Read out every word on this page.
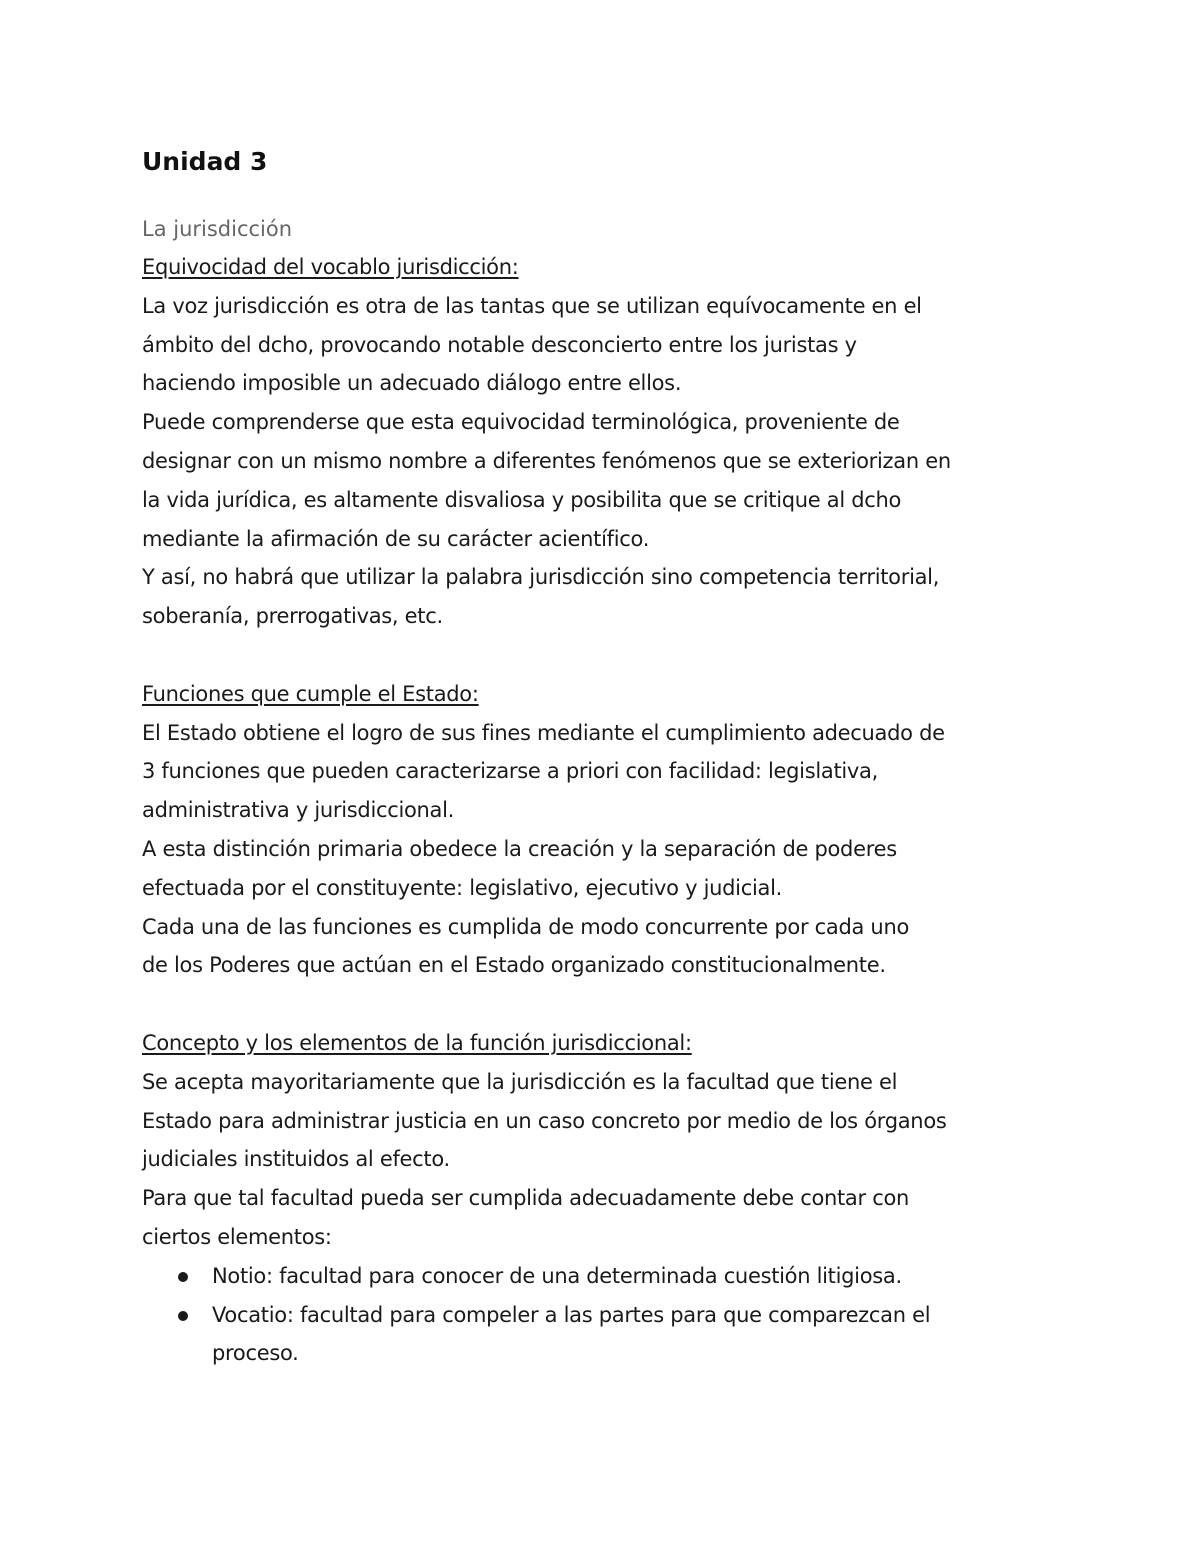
Unidad 3
La jurisdicción
Equivocidad del vocablo jurisdicción:
La voz jurisdicción es otra de las tantas que se utilizan equívocamente en el
ámbito del dcho, provocando notable desconcierto entre los juristas y
haciendo imposible un adecuado diálogo entre ellos.
Puede comprenderse que esta equivocidad terminológica, proveniente de
designar con un mismo nombre a diferentes fenómenos que se exteriorizan en
la vida jurídica, es altamente disvaliosa y posibilita que se critique al dcho
mediante la afirmación de su carácter acientífico.
Y así, no habrá que utilizar la palabra jurisdicción sino competencia territorial,
soberanía, prerrogativas, etc.
Funciones que cumple el Estado:
El Estado obtiene el logro de sus fines mediante el cumplimiento adecuado de
3 funciones que pueden caracterizarse a priori con facilidad: legislativa,
administrativa y jurisdiccional.
A esta distinción primaria obedece la creación y la separación de poderes
efectuada por el constituyente: legislativo, ejecutivo y judicial.
Cada una de las funciones es cumplida de modo concurrente por cada uno
de los Poderes que actúan en el Estado organizado constitucionalmente.
Concepto y los elementos de la función jurisdiccional:
Se acepta mayoritariamente que la jurisdicción es la facultad que tiene el
Estado para administrar justicia en un caso concreto por medio de los órganos
judiciales instituidos al efecto.
Para que tal facultad pueda ser cumplida adecuadamente debe contar con
ciertos elementos:
Notio: facultad para conocer de una determinada cuestión litigiosa.
Vocatio: facultad para compeler a las partes para que comparezcan el
proceso.
